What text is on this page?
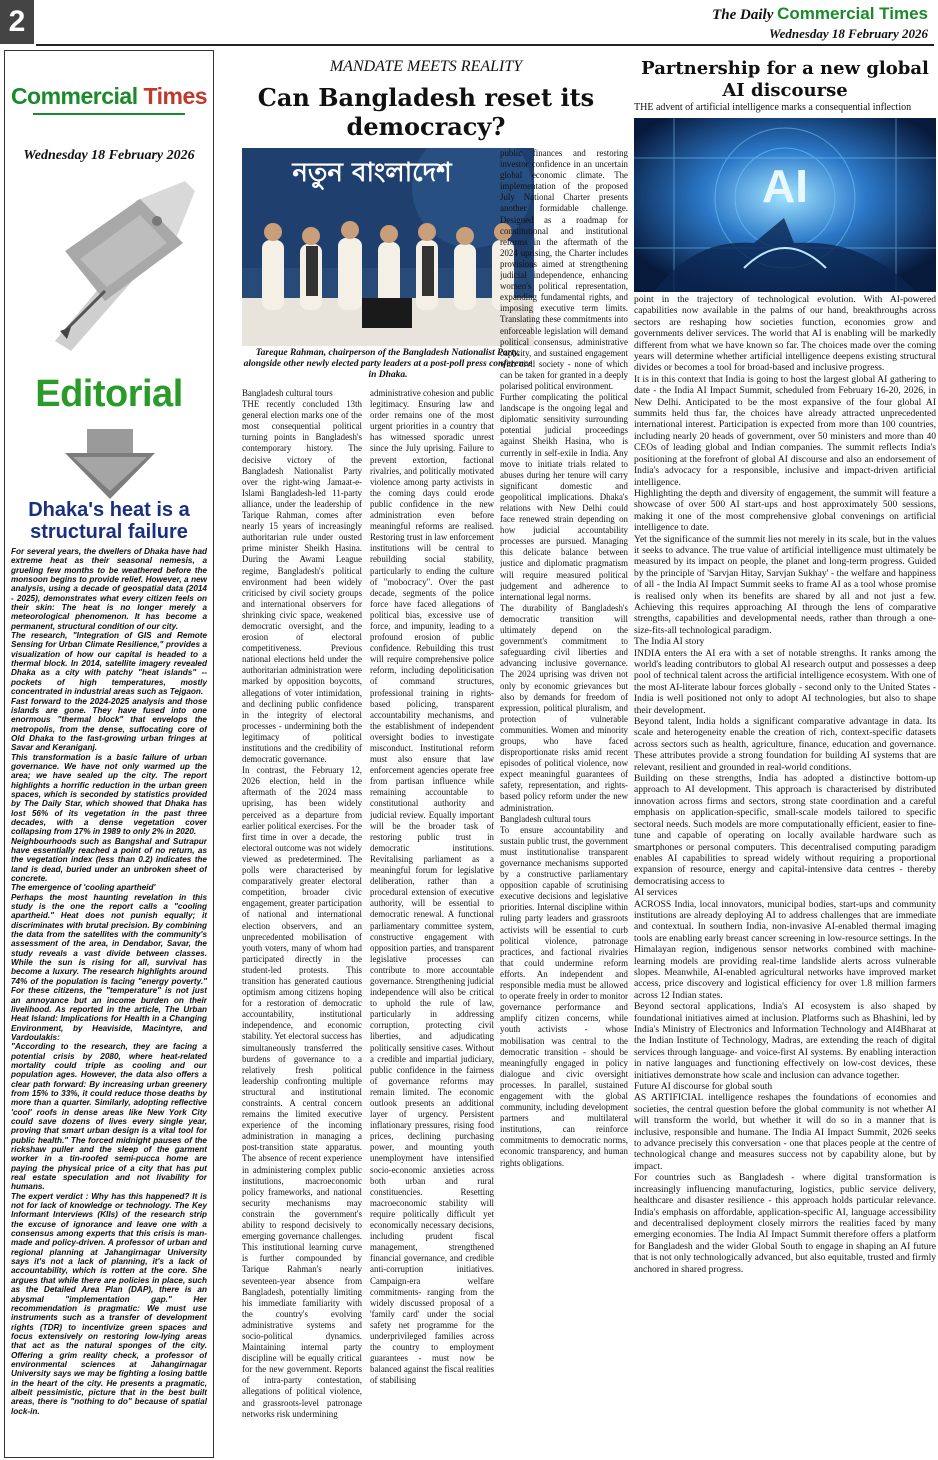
2	The Daily Commercial Times
Wednesday 18 February 2026
Commercial Times
Wednesday 18 February 2026
Editorial
Dhaka's heat is a structural failure

For several years, the dwellers of Dhaka have had extreme heat as their seasonal nemesis, a grueling few months to be weathered before the monsoon begins to provide relief. However, a new analysis, using a decade of geospatial data (2014 - 2025), demonstrates what every citizen feels on their skin: The heat is no longer merely a meteorological phenomenon. It has become a permanent, structural condition of our city.

The research, "Integration of GIS and Remote Sensing for Urban Climate Resilience," provides a visualization of how our capital is headed to a thermal block. In 2014, satellite imagery revealed Dhaka as a city with patchy "heat islands" -- pockets of high temperatures, mostly concentrated in industrial areas such as Tejgaon.

Fast forward to the 2024-2025 analysis and those islands are gone. They have fused into one enormous "thermal block" that envelops the metropolis, from the dense, suffocating core of Old Dhaka to the fast-growing urban fringes at Savar and Keraniganj.

This transformation is a basic failure of urban governance. We have not only warmed up the area; we have sealed up the city. The report highlights a horrific reduction in the urban green spaces, which is seconded by statistics provided by The Daily Star, which showed that Dhaka has lost 56% of its vegetation in the past three decades, with a dense vegetation cover collapsing from 17% in 1989 to only 2% in 2020.

Neighbourhoods such as Bangshal and Sutrapur have essentially reached a point of no return, as the vegetation index (less than 0.2) indicates the land is dead, buried under an unbroken sheet of concrete.

The emergence of 'cooling apartheid'

Perhaps the most haunting revelation in this study is the one the report calls a "cooling apartheid." Heat does not punish equally; it discriminates with brutal precision. By combining the data from the satellites with the community's assessment of the area, in Dendabor, Savar, the study reveals a vast divide between classes. While the sun is rising for all, survival has become a luxury. The research highlights around 74% of the population is facing "energy poverty." For these citizens, the "temperature" is not just an annoyance but an income burden on their livelihood. As reported in the article, The Urban Heat Island: Implications for Health in a Changing Environment, by Heaviside, Macintyre, and Vardoulakis:

"According to the research, they are facing a potential crisis by 2080, where heat-related mortality could triple as cooling and our population ages. However, the data also offers a clear path forward: By increasing urban greenery from 15% to 33%, it could reduce those deaths by more than a quarter. Similarly, adopting reflective 'cool' roofs in dense areas like New York City could save dozens of lives every single year, proving that smart urban design is a vital tool for public health." The forced midnight pauses of the rickshaw puller and the sleep of the garment worker in a tin-roofed semi-pucca home are paying the physical price of a city that has put real estate speculation and not livability for humans.

The expert verdict : Why has this happened? It is not for lack of knowledge or technology. The Key Informant Interviews (KIIs) of the research strip the excuse of ignorance and leave one with a consensus among experts that this crisis is man-made and policy-driven. A professor of urban and regional planning at Jahangirnagar University says it's not a lack of planning, it's a lack of accountability, which is rotten at the core. She argues that while there are policies in place, such as the Detailed Area Plan (DAP), there is an abysmal "implementation gap." Her recommendation is pragmatic: We must use instruments such as a transfer of development rights (TDR) to incentivize green spaces and focus extensively on restoring low-lying areas that act as the natural sponges of the city. Offering a grim reality check, a professor of environmental sciences at Jahangirnagar University says we may be fighting a losing battle in the heart of the city. He presents a pragmatic, albeit pessimistic, picture that in the best built areas, there is "nothing to do" because of spatial lock-in.

MANDATE MEETS REALITY
Can Bangladesh reset its democracy?
নতুন বাংলাদেশ
Tareque Rahman, chairperson of the Bangladesh Nationalist Party, alongside other newly elected party leaders at a post-poll press conference in Dhaka.

Bangladesh cultural tours

THE recently concluded 13th general election marks one of the most consequential political turning points in Bangladesh's contemporary history. The decisive victory of the Bangladesh Nationalist Party over the right-wing Jamaat-e-Islami Bangladesh-led 11-party alliance, under the leadership of Tarique Rahman, comes after nearly 15 years of increasingly authoritarian rule under ousted prime minister Sheikh Hasina. During the Awami League regime, Bangladesh's political environment had been widely criticised by civil society groups and international observers for shrinking civic space, weakened democratic oversight, and the erosion of electoral competitiveness. Previous national elections held under the authoritarian administration were marked by opposition boycotts, allegations of voter intimidation, and declining public confidence in the integrity of electoral processes - undermining both the legitimacy of political institutions and the credibility of democratic governance.

In contrast, the February 12, 2026 election, held in the aftermath of the 2024 mass uprising, has been widely perceived as a departure from earlier political exercises. For the first time in over a decade, the electoral outcome was not widely viewed as predetermined. The polls were characterised by comparatively greater electoral competition, broader civic engagement, greater participation of national and international election observers, and an unprecedented mobilisation of youth voters, many of whom had participated directly in the student-led protests. This transition has generated cautious optimism among citizens hoping for a restoration of democratic accountability, institutional independence, and economic stability. Yet electoral success has simultaneously transferred the burdens of governance to a relatively fresh political leadership confronting multiple structural and institutional constraints. A central concern remains the limited executive experience of the incoming administration in managing a post-transition state apparatus. The absence of recent experience in administering complex public institutions, macroeconomic policy frameworks, and national security mechanisms may constrain the government's ability to respond decisively to emerging governance challenges. This institutional learning curve is further compounded by Tarique Rahman's nearly seventeen-year absence from Bangladesh, potentially limiting his immediate familiarity with the country's evolving administrative systems and socio-political dynamics. Maintaining internal party discipline will be equally critical for the new government. Reports of intra-party contestation, allegations of political violence, and grassroots-level patronage networks risk undermining

administrative cohesion and public legitimacy. Ensuring law and order remains one of the most urgent priorities in a country that has witnessed sporadic unrest since the July uprising. Failure to prevent extortion, factional rivalries, and politically motivated violence among party activists in the coming days could erode public confidence in the new administration even before meaningful reforms are realised. Restoring trust in law enforcement institutions will be central to rebuilding social stability, particularly to ending the culture of "mobocracy". Over the past decade, segments of the police force have faced allegations of political bias, excessive use of force, and impunity, leading to a profound erosion of public confidence. Rebuilding this trust will require comprehensive police reform, including depoliticisation of command structures, professional training in rights-based policing, transparent accountability mechanisms, and the establishment of independent oversight bodies to investigate misconduct. Institutional reform must also ensure that law enforcement agencies operate free from partisan influence while remaining accountable to constitutional authority and judicial review. Equally important will be the broader task of restoring public trust in democratic institutions. Revitalising parliament as a meaningful forum for legislative deliberation, rather than a procedural extension of executive authority, will be essential to democratic renewal. A functional parliamentary committee system, constructive engagement with opposition parties, and transparent legislative processes can contribute to more accountable governance. Strengthening judicial independence will also be critical to uphold the rule of law, particularly in addressing corruption, protecting civil liberties, and adjudicating politically sensitive cases. Without a credible and impartial judiciary, public confidence in the fairness of governance reforms may remain limited. The economic outlook presents an additional layer of urgency. Persistent inflationary pressures, rising food prices, declining purchasing power, and mounting youth unemployment have intensified socio-economic anxieties across both urban and rural constituencies. Resetting macroeconomic stability will require politically difficult yet economically necessary decisions, including prudent fiscal management, strengthened financial governance, and credible anti-corruption initiatives. Campaign-era welfare commitments- ranging from the widely discussed proposal of a 'family card' under the social safety net programme for the underprivileged families across the country to employment guarantees - must now be balanced against the fiscal realities of stabilising

public finances and restoring investor confidence in an uncertain global economic climate. The implementation of the proposed July National Charter presents another formidable challenge. Designed as a roadmap for constitutional and institutional reforms in the aftermath of the 2024 uprising, the Charter includes provisions aimed at strengthening judicial independence, enhancing women's political representation, expanding fundamental rights, and imposing executive term limits. Translating these commitments into enforceable legislation will demand political consensus, administrative capacity, and sustained engagement with civil society - none of which can be taken for granted in a deeply polarised political environment.

Further complicating the political landscape is the ongoing legal and diplomatic sensitivity surrounding potential judicial proceedings against Sheikh Hasina, who is currently in self-exile in India. Any move to initiate trials related to abuses during her tenure will carry significant domestic and geopolitical implications. Dhaka's relations with New Delhi could face renewed strain depending on how judicial accountability processes are pursued. Managing this delicate balance between justice and diplomatic pragmatism will require measured political judgement and adherence to international legal norms.

The durability of Bangladesh's democratic transition will ultimately depend on the government's commitment to safeguarding civil liberties and advancing inclusive governance. The 2024 uprising was driven not only by economic grievances but also by demands for freedom of expression, political pluralism, and protection of vulnerable communities. Women and minority groups, who have faced disproportionate risks amid recent episodes of political violence, now expect meaningful guarantees of safety, representation, and rights-based policy reform under the new administration.

Bangladesh cultural tours

To ensure accountability and sustain public trust, the government must institutionalise transparent governance mechanisms supported by a constructive parliamentary opposition capable of scrutinising executive decisions and legislative priorities. Internal discipline within ruling party leaders and grassroots activists will be essential to curb political violence, patronage practices, and factional rivalries that could undermine reform efforts. An independent and responsible media must be allowed to operate freely in order to monitor governance performance and amplify citizen concerns, while youth activists - whose mobilisation was central to the democratic transition - should be meaningfully engaged in policy dialogue and civic oversight processes. In parallel, sustained engagement with the global community, including development partners and multilateral institutions, can reinforce commitments to democratic norms, economic transparency, and human rights obligations.

Partnership for a new global AI discourse
THE advent of artificial intelligence marks a consequential inflection
AI

point in the trajectory of technological evolution. With AI-powered capabilities now available in the palms of our hand, breakthroughs across sectors are reshaping how societies function, economies grow and governments deliver services. The world that AI is enabling will be markedly different from what we have known so far. The choices made over the coming years will determine whether artificial intelligence deepens existing structural divides or becomes a tool for broad-based and inclusive progress.

It is in this context that India is going to host the largest global AI gathering to date - the India AI Impact Summit, scheduled from February 16-20, 2026, in New Delhi. Anticipated to be the most expansive of the four global AI summits held thus far, the choices have already attracted unprecedented international interest. Participation is expected from more than 100 countries, including nearly 20 heads of government, over 50 ministers and more than 40 CEOs of leading global and Indian companies. The summit reflects India's positioning at the forefront of global AI discourse and also an endorsement of India's advocacy for a responsible, inclusive and impact-driven artificial intelligence.

Highlighting the depth and diversity of engagement, the summit will feature a showcase of over 500 AI start-ups and host approximately 500 sessions, making it one of the most comprehensive global convenings on artificial intelligence to date.

Yet the significance of the summit lies not merely in its scale, but in the values it seeks to advance. The true value of artificial intelligence must ultimately be measured by its impact on people, the planet and long-term progress. Guided by the principle of 'Sarvjan Hitay, Sarvjan Sukhay' - the welfare and happiness of all - the India AI Impact Summit seeks to frame AI as a tool whose promise is realised only when its benefits are shared by all and not just a few. Achieving this requires approaching AI through the lens of comparative strengths, capabilities and developmental needs, rather than through a one-size-fits-all technological paradigm.

The India AI story

INDIA enters the AI era with a set of notable strengths. It ranks among the world's leading contributors to global AI research output and possesses a deep pool of technical talent across the artificial intelligence ecosystem. With one of the most AI-literate labour forces globally - second only to the United States - India is well positioned not only to adopt AI technologies, but also to shape their development.

Beyond talent, India holds a significant comparative advantage in data. Its scale and heterogeneity enable the creation of rich, context-specific datasets across sectors such as health, agriculture, finance, education and governance. These attributes provide a strong foundation for building AI systems that are relevant, resilient and grounded in real-world conditions.

Building on these strengths, India has adopted a distinctive bottom-up approach to AI development. This approach is characterised by distributed innovation across firms and sectors, strong state coordination and a careful emphasis on application-specific, small-scale models tailored to specific sectoral needs. Such models are more computationally efficient, easier to fine-tune and capable of operating on locally available hardware such as smartphones or personal computers. This decentralised computing paradigm enables AI capabilities to spread widely without requiring a proportional expansion of resource, energy and capital-intensive data centres - thereby democratising access to

AI services

ACROSS India, local innovators, municipal bodies, start-ups and community institutions are already deploying AI to address challenges that are immediate and contextual. In southern India, non-invasive AI-enabled thermal imaging tools are enabling early breast cancer screening in low-resource settings. In the Himalayan region, indigenous sensor networks combined with machine-learning models are providing real-time landslide alerts across vulnerable slopes. Meanwhile, AI-enabled agricultural networks have improved market access, price discovery and logistical efficiency for over 1.8 million farmers across 12 Indian states.

Beyond sectoral applications, India's AI ecosystem is also shaped by foundational initiatives aimed at inclusion. Platforms such as Bhashini, led by India's Ministry of Electronics and Information Technology and AI4Bharat at the Indian Institute of Technology, Madras, are extending the reach of digital services through language- and voice-first AI systems. By enabling interaction in native languages and functioning effectively on low-cost devices, these initiatives demonstrate how scale and inclusion can advance together.

Future AI discourse for global south

AS ARTIFICIAL intelligence reshapes the foundations of economies and societies, the central question before the global community is not whether AI will transform the world, but whether it will do so in a manner that is inclusive, responsible and humane. The India AI Impact Summit, 2026 seeks to advance precisely this conversation - one that places people at the centre of technological change and measures success not by capability alone, but by impact.

For countries such as Bangladesh - where digital transformation is increasingly influencing manufacturing, logistics, public service delivery, healthcare and disaster resilience - this approach holds particular relevance. India's emphasis on affordable, application-specific AI, language accessibility and decentralised deployment closely mirrors the realities faced by many emerging economies. The India AI Impact Summit therefore offers a platform for Bangladesh and the wider Global South to engage in shaping an AI future that is not only technologically advanced, but also equitable, trusted and firmly anchored in shared progress.
